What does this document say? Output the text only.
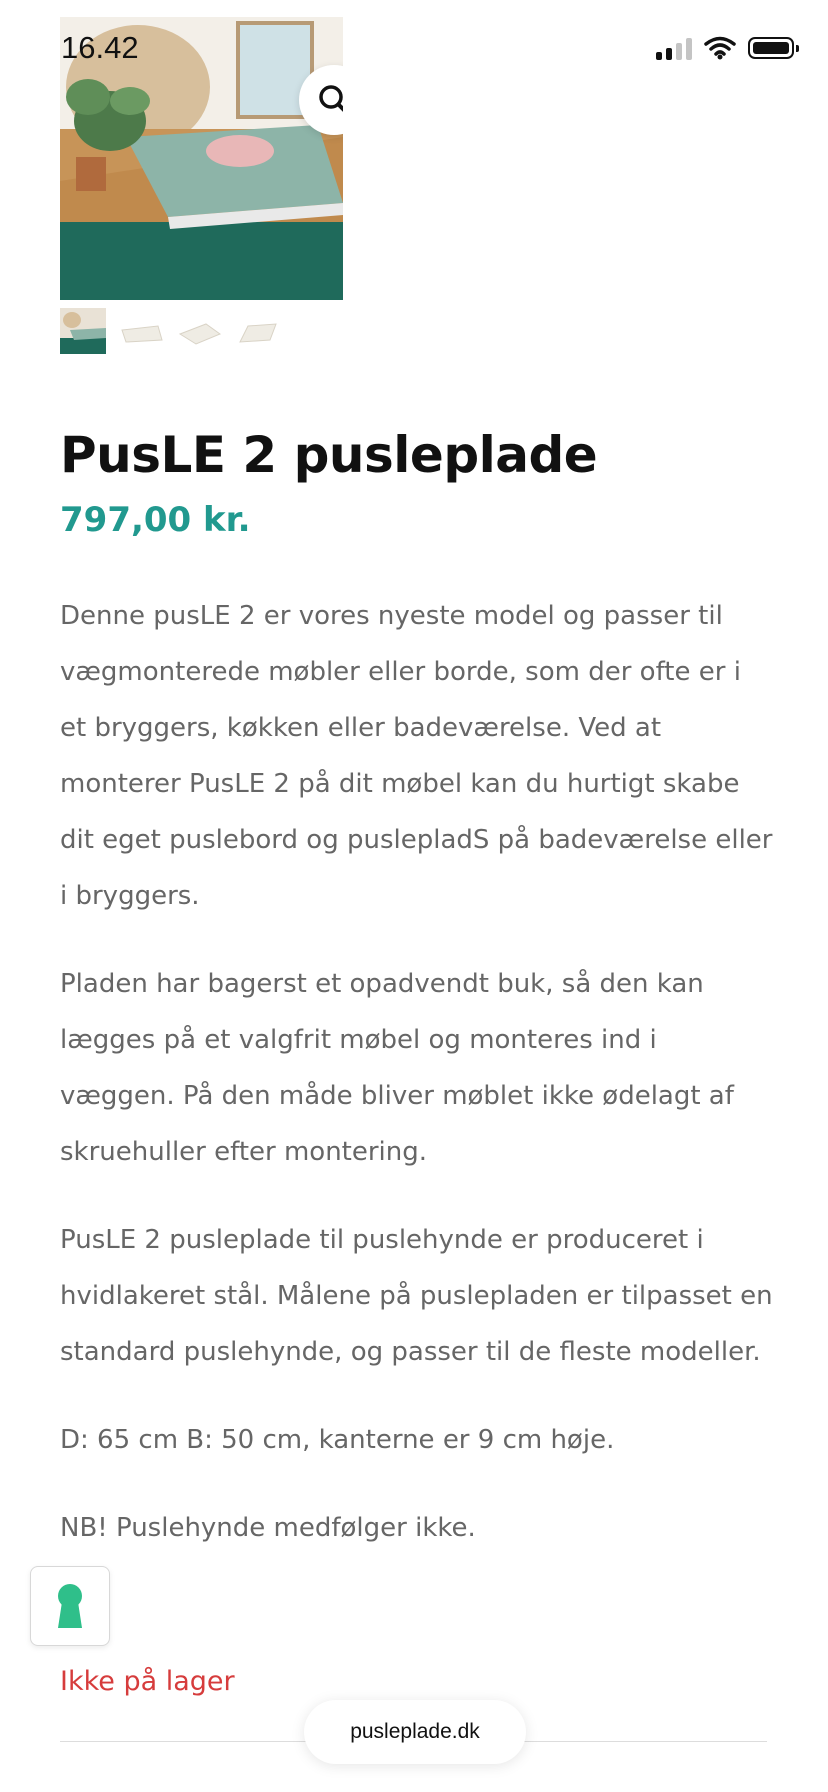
16.42
PusLE 2 pusleplade
797,00 kr.

Denne pusLE 2 er vores nyeste model og passer til vægmonterede møbler eller borde, som der ofte er i et bryggers, køkken eller badeværelse. Ved at monterer PusLE 2 på dit møbel kan du hurtigt skabe dit eget puslebord og puslepladS på badeværelse eller i bryggers.

Pladen har bagerst et opadvendt buk, så den kan lægges på et valgfrit møbel og monteres ind i væggen. På den måde bliver møblet ikke ødelagt af skruehuller efter montering.

PusLE 2 pusleplade til puslehynde er produceret i hvidlakeret stål. Målene på puslepladen er tilpasset en standard puslehynde, og passer til de fleste modeller.

D: 65 cm B: 50 cm, kanterne er 9 cm høje.

NB! Puslehynde medfølger ikke.

Ikke på lager
pusleplade.dk
